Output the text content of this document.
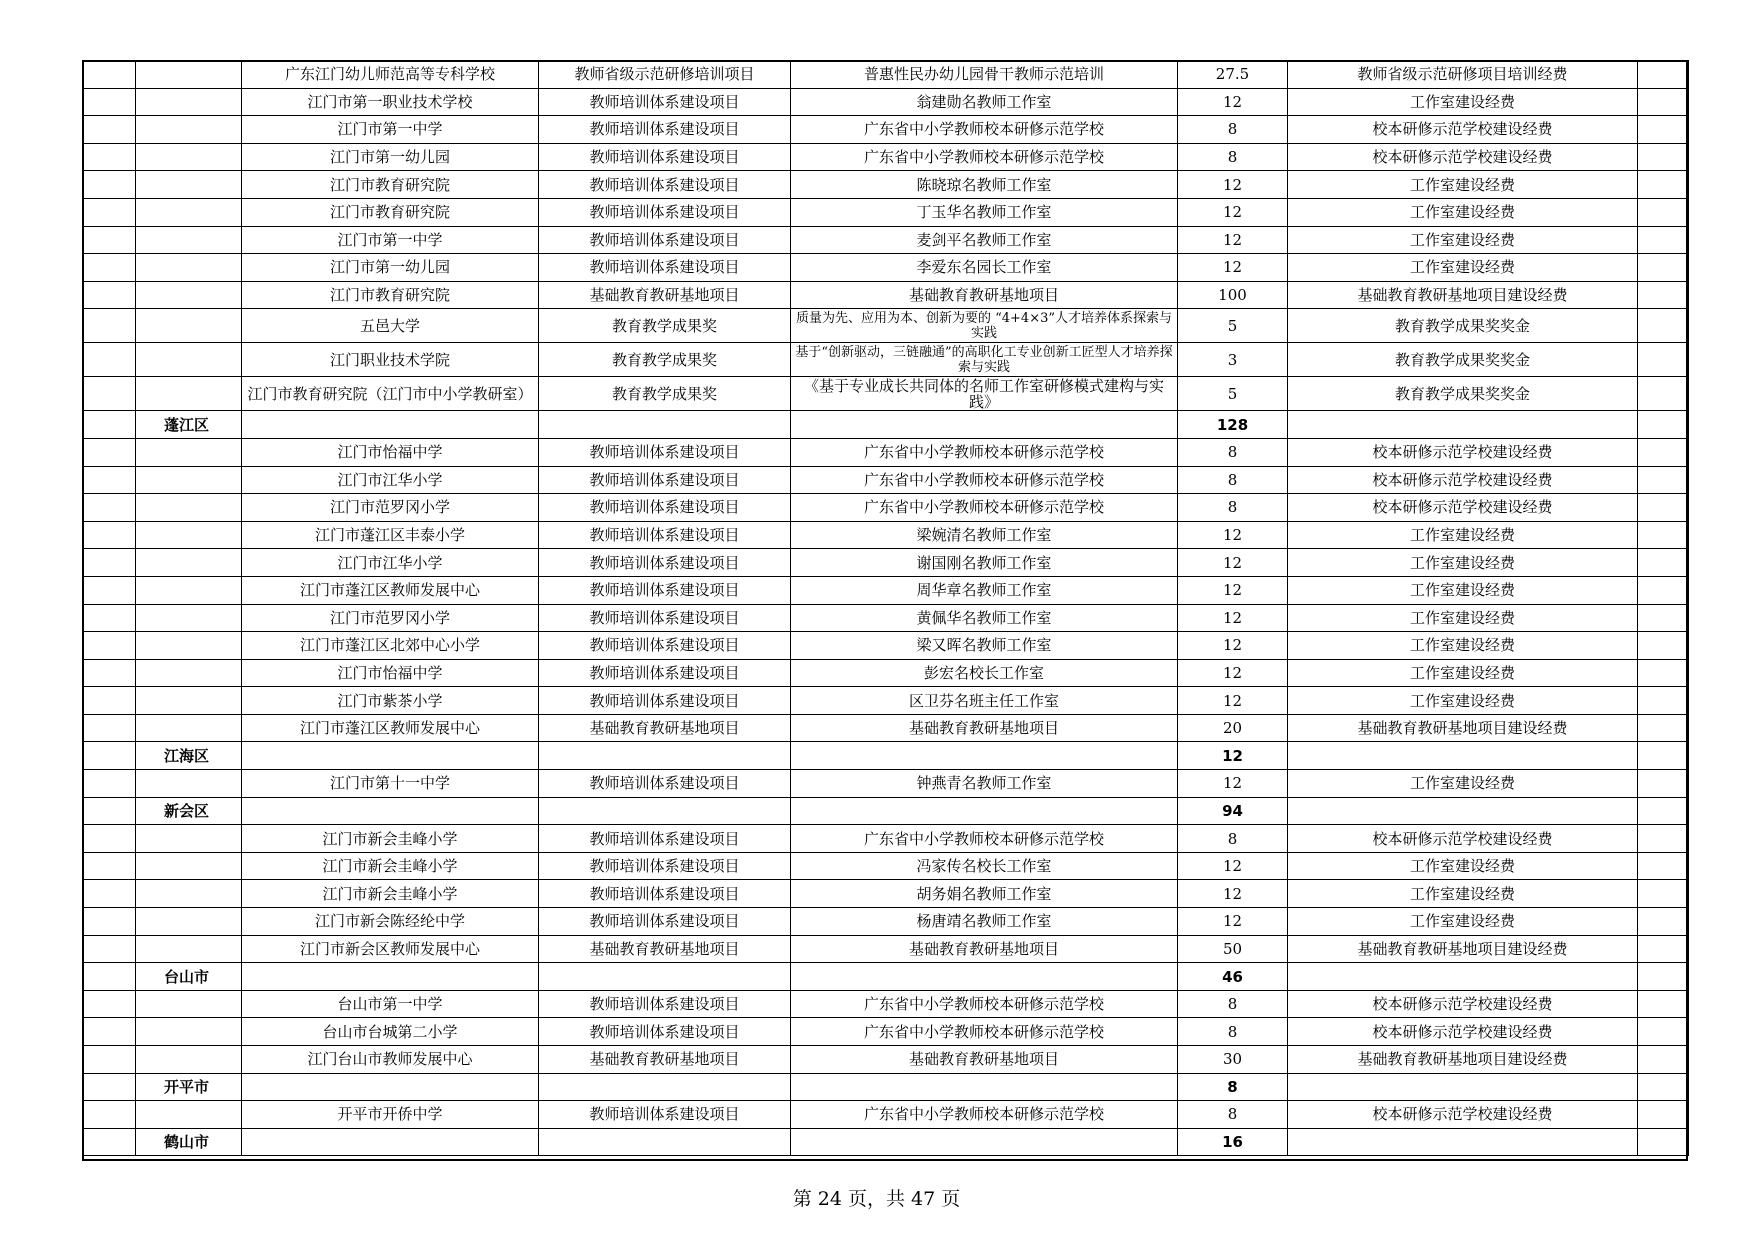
		广东江门幼儿师范高等专科学校	教师省级示范研修培训项目	普惠性民办幼儿园骨干教师示范培训	27.5	教师省级示范研修项目培训经费	
		江门市第一职业技术学校	教师培训体系建设项目	翁建勋名教师工作室	12	工作室建设经费	
		江门市第一中学	教师培训体系建设项目	广东省中小学教师校本研修示范学校	8	校本研修示范学校建设经费	
		江门市第一幼儿园	教师培训体系建设项目	广东省中小学教师校本研修示范学校	8	校本研修示范学校建设经费	
		江门市教育研究院	教师培训体系建设项目	陈晓琼名教师工作室	12	工作室建设经费	
		江门市教育研究院	教师培训体系建设项目	丁玉华名教师工作室	12	工作室建设经费	
		江门市第一中学	教师培训体系建设项目	麦剑平名教师工作室	12	工作室建设经费	
		江门市第一幼儿园	教师培训体系建设项目	李爱东名园长工作室	12	工作室建设经费	
		江门市教育研究院	基础教育教研基地项目	基础教育教研基地项目	100	基础教育教研基地项目建设经费	
		五邑大学	教育教学成果奖	质量为先、应用为本、创新为要的 “4+4×3”人才培养体系探索与实践	5	教育教学成果奖奖金	
		江门职业技术学院	教育教学成果奖	基于“创新驱动，三链融通”的高职化工专业创新工匠型人才培养探索与实践	3	教育教学成果奖奖金	
		江门市教育研究院（江门市中小学教研室）	教育教学成果奖	《基于专业成长共同体的名师工作室研修模式建构与实践》	5	教育教学成果奖奖金	
	蓬江区				128		
		江门市怡福中学	教师培训体系建设项目	广东省中小学教师校本研修示范学校	8	校本研修示范学校建设经费	
		江门市江华小学	教师培训体系建设项目	广东省中小学教师校本研修示范学校	8	校本研修示范学校建设经费	
		江门市范罗冈小学	教师培训体系建设项目	广东省中小学教师校本研修示范学校	8	校本研修示范学校建设经费	
		江门市蓬江区丰泰小学	教师培训体系建设项目	梁婉清名教师工作室	12	工作室建设经费	
		江门市江华小学	教师培训体系建设项目	谢国刚名教师工作室	12	工作室建设经费	
		江门市蓬江区教师发展中心	教师培训体系建设项目	周华章名教师工作室	12	工作室建设经费	
		江门市范罗冈小学	教师培训体系建设项目	黄佩华名教师工作室	12	工作室建设经费	
		江门市蓬江区北郊中心小学	教师培训体系建设项目	梁又晖名教师工作室	12	工作室建设经费	
		江门市怡福中学	教师培训体系建设项目	彭宏名校长工作室	12	工作室建设经费	
		江门市紫茶小学	教师培训体系建设项目	区卫芬名班主任工作室	12	工作室建设经费	
		江门市蓬江区教师发展中心	基础教育教研基地项目	基础教育教研基地项目	20	基础教育教研基地项目建设经费	
	江海区				12		
		江门市第十一中学	教师培训体系建设项目	钟燕青名教师工作室	12	工作室建设经费	
	新会区				94		
		江门市新会圭峰小学	教师培训体系建设项目	广东省中小学教师校本研修示范学校	8	校本研修示范学校建设经费	
		江门市新会圭峰小学	教师培训体系建设项目	冯家传名校长工作室	12	工作室建设经费	
		江门市新会圭峰小学	教师培训体系建设项目	胡务娟名教师工作室	12	工作室建设经费	
		江门市新会陈经纶中学	教师培训体系建设项目	杨唐靖名教师工作室	12	工作室建设经费	
		江门市新会区教师发展中心	基础教育教研基地项目	基础教育教研基地项目	50	基础教育教研基地项目建设经费	
	台山市				46		
		台山市第一中学	教师培训体系建设项目	广东省中小学教师校本研修示范学校	8	校本研修示范学校建设经费	
		台山市台城第二小学	教师培训体系建设项目	广东省中小学教师校本研修示范学校	8	校本研修示范学校建设经费	
		江门台山市教师发展中心	基础教育教研基地项目	基础教育教研基地项目	30	基础教育教研基地项目建设经费	
	开平市				8		
		开平市开侨中学	教师培训体系建设项目	广东省中小学教师校本研修示范学校	8	校本研修示范学校建设经费	
	鹤山市				16		
第 24 页，共 47 页
